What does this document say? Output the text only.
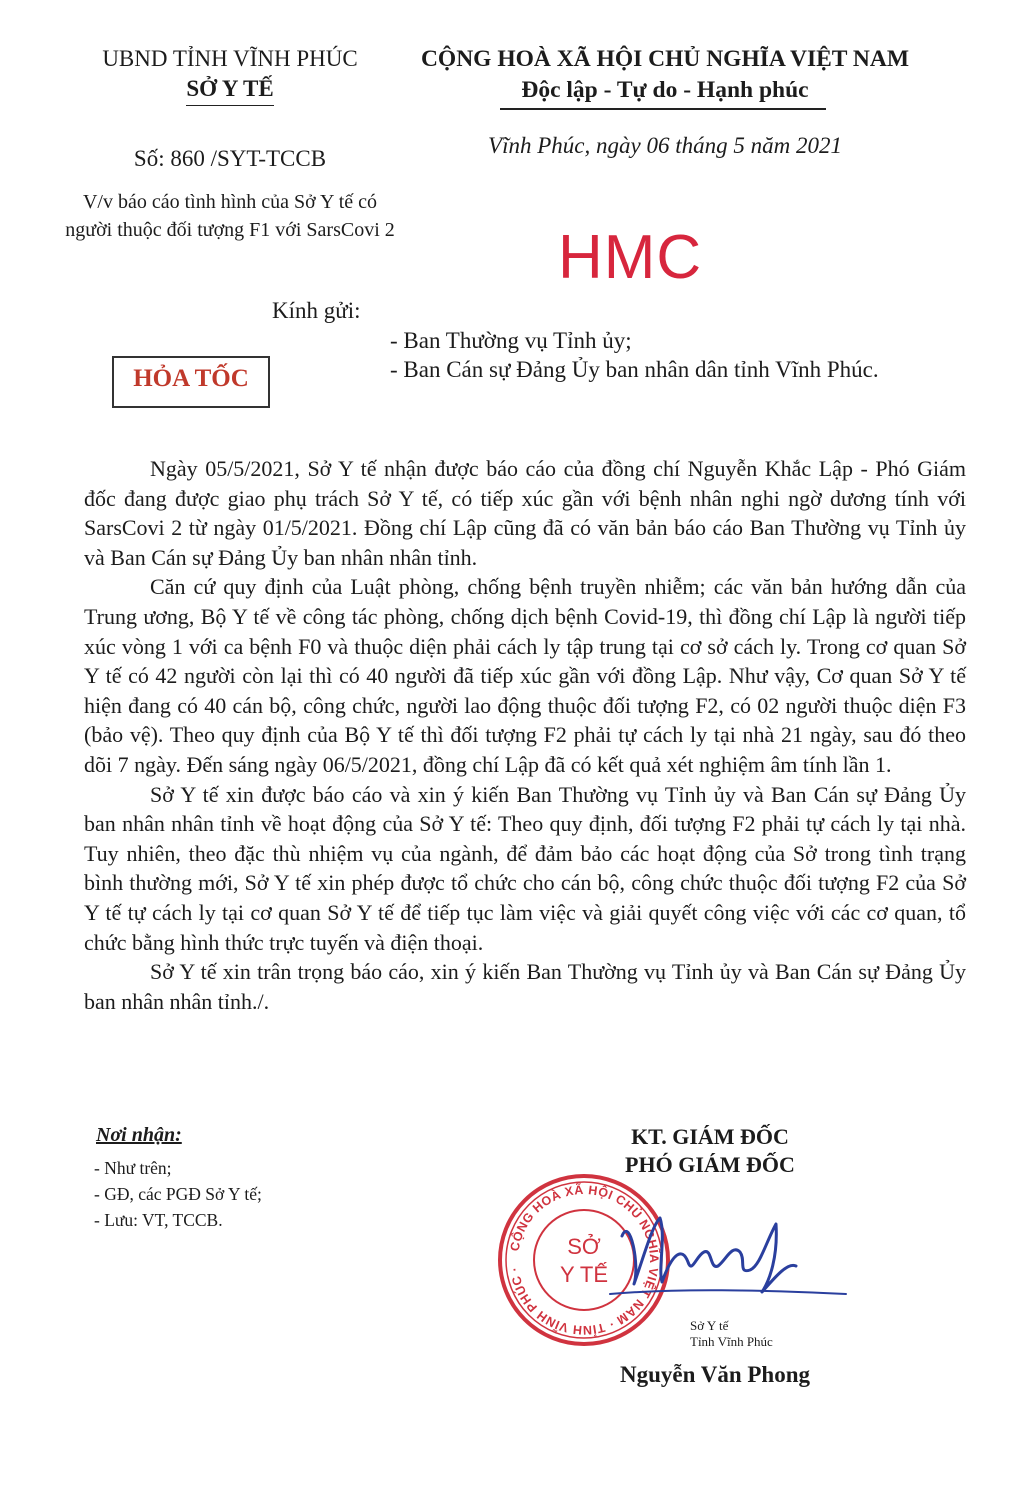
UBND TỈNH VĨNH PHÚC
SỞ Y TẾ
Số: 860 /SYT-TCCB
V/v báo cáo tình hình của Sở Y tế có người thuộc đối tượng F1 với SarsCovi 2
CỘNG HOÀ XÃ HỘI CHỦ NGHĨA VIỆT NAM
Độc lập - Tự do - Hạnh phúc
Vĩnh Phúc, ngày 06 tháng 5 năm 2021
HMC
Kính gửi:
- Ban Thường vụ Tỉnh ủy;
- Ban Cán sự Đảng Ủy ban nhân dân tỉnh Vĩnh Phúc.
HỎA TỐC

Ngày 05/5/2021, Sở Y tế nhận được báo cáo của đồng chí Nguyễn Khắc Lập - Phó Giám đốc đang được giao phụ trách Sở Y tế, có tiếp xúc gần với bệnh nhân nghi ngờ dương tính với SarsCovi 2 từ ngày 01/5/2021. Đồng chí Lập cũng đã có văn bản báo cáo Ban Thường vụ Tỉnh ủy và Ban Cán sự Đảng Ủy ban nhân nhân tỉnh.

Căn cứ quy định của Luật phòng, chống bệnh truyền nhiễm; các văn bản hướng dẫn của Trung ương, Bộ Y tế về công tác phòng, chống dịch bệnh Covid-19, thì đồng chí Lập là người tiếp xúc vòng 1 với ca bệnh F0 và thuộc diện phải cách ly tập trung tại cơ sở cách ly. Trong cơ quan Sở Y tế có 42 người còn lại thì có 40 người đã tiếp xúc gần với đồng Lập. Như vậy, Cơ quan Sở Y tế hiện đang có 40 cán bộ, công chức, người lao động thuộc đối tượng F2, có 02 người thuộc diện F3 (bảo vệ). Theo quy định của Bộ Y tế thì đối tượng F2 phải tự cách ly tại nhà 21 ngày, sau đó theo dõi 7 ngày. Đến sáng ngày 06/5/2021, đồng chí Lập đã có kết quả xét nghiệm âm tính lần 1.

Sở Y tế xin được báo cáo và xin ý kiến Ban Thường vụ Tỉnh ủy và Ban Cán sự Đảng Ủy ban nhân nhân tỉnh về hoạt động của Sở Y tế: Theo quy định, đối tượng F2 phải tự cách ly tại nhà. Tuy nhiên, theo đặc thù nhiệm vụ của ngành, để đảm bảo các hoạt động của Sở trong tình trạng bình thường mới, Sở Y tế xin phép được tổ chức cho cán bộ, công chức thuộc đối tượng F2 của Sở Y tế tự cách ly tại cơ quan Sở Y tế để tiếp tục làm việc và giải quyết công việc với các cơ quan, tổ chức bằng hình thức trực tuyến và điện thoại.

Sở Y tế xin trân trọng báo cáo, xin ý kiến Ban Thường vụ Tỉnh ủy và Ban Cán sự Đảng Ủy ban nhân nhân tỉnh./.

Nơi nhận:
- Như trên;
- GĐ, các PGĐ Sở Y tế;
- Lưu: VT, TCCB.
KT. GIÁM ĐỐC
PHÓ GIÁM ĐỐC
CỘNG HOÀ XÃ HỘI CHỦ NGHĨA VIỆT NAM · TỈNH VĨNH PHÚC ·
SỞ
Y TẾ
Sở Y tế
Tỉnh Vĩnh Phúc
Nguyễn Văn Phong
